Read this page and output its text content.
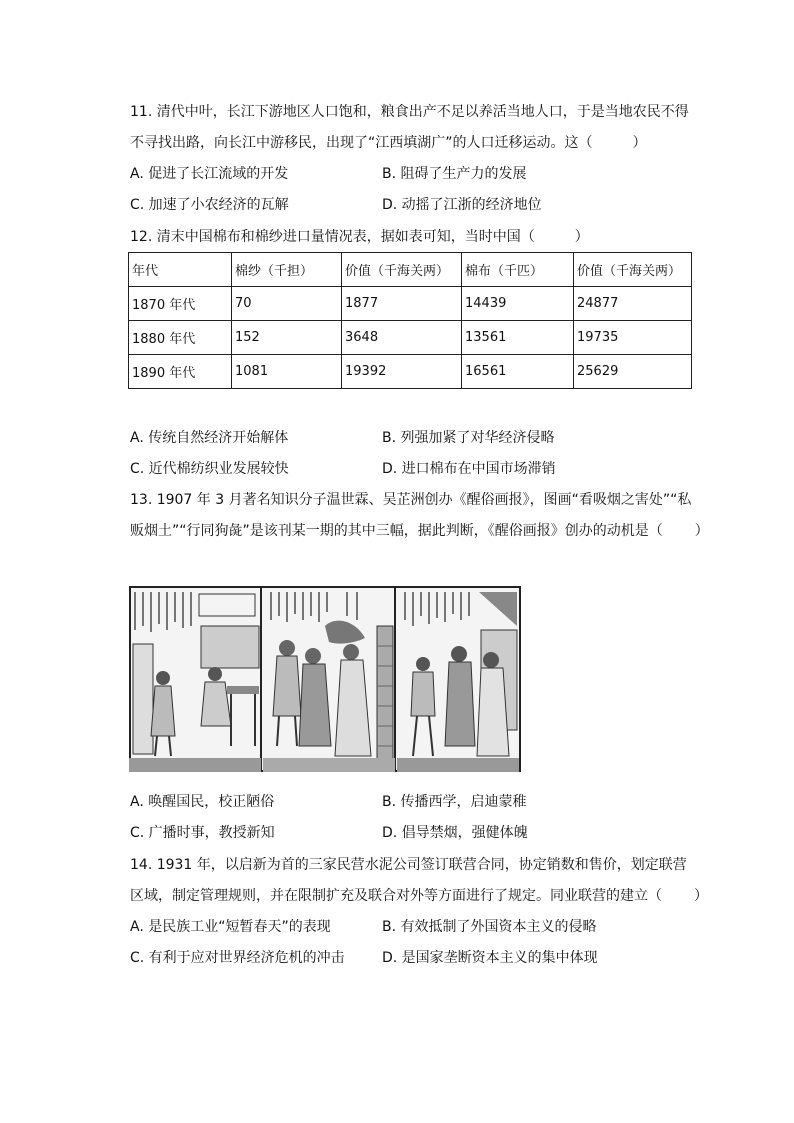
11. 清代中叶，长江下游地区人口饱和，粮食出产不足以养活当地人口，于是当地农民不得
不寻找出路，向长江中游移民，出现了“江西填湖广”的人口迁移运动。这（	）
A. 促进了长江流域的开发	B. 阻碍了生产力的发展
C. 加速了小农经济的瓦解	D. 动摇了江浙的经济地位
12. 清末中国棉布和棉纱进口量情况表，据如表可知，当时中国（	）
年代	棉纱（千担）	价值（千海关两）	棉布（千匹）	价值（千海关两）
1870 年代	70	1877	14439	24877
1880 年代	152	3648	13561	19735
1890 年代	1081	19392	16561	25629
A. 传统自然经济开始解体	B. 列强加紧了对华经济侵略
C. 近代棉纺织业发展较快	D. 进口棉布在中国市场滞销
13. 1907 年 3 月著名知识分子温世霖、吴芷洲创办《醒俗画报》，图画“看吸烟之害处”“私
贩烟土”“行同狗彘”是该刊某一期的其中三幅，据此判断，《醒俗画报》创办的动机是（ ）
A. 唤醒国民，校正陋俗	B. 传播西学，启迪蒙稚
C. 广播时事，教授新知	D. 倡导禁烟，强健体魄
14. 1931 年，以启新为首的三家民营水泥公司签订联营合同，协定销数和售价，划定联营
区域，制定管理规则，并在限制扩充及联合对外等方面进行了规定。同业联营的建立（ ）
A. 是民族工业“短暂春天”的表现	B. 有效抵制了外国资本主义的侵略
C. 有利于应对世界经济危机的冲击	D. 是国家垄断资本主义的集中体现
